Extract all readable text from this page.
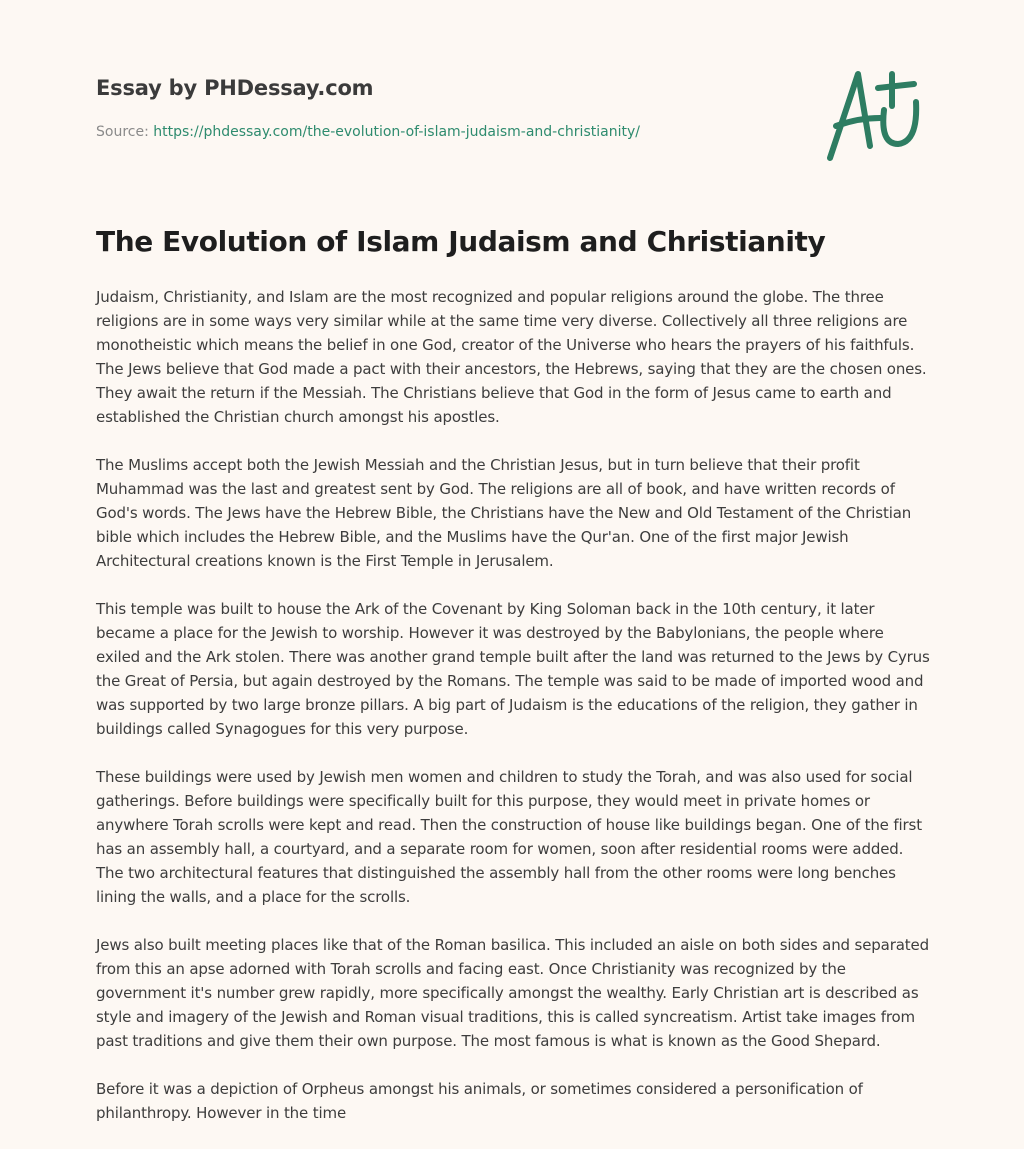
Essay by PHDessay.com
Source: https://phdessay.com/the-evolution-of-islam-judaism-and-christianity/
The Evolution of Islam Judaism and Christianity
Judaism, Christianity, and Islam are the most recognized and popular religions around the globe. The three
religions are in some ways very similar while at the same time very diverse. Collectively all three religions are
monotheistic which means the belief in one God, creator of the Universe who hears the prayers of his faithfuls.
The Jews believe that God made a pact with their ancestors, the Hebrews, saying that they are the chosen ones.
They await the return if the Messiah. The Christians believe that God in the form of Jesus came to earth and
established the Christian church amongst his apostles.
The Muslims accept both the Jewish Messiah and the Christian Jesus, but in turn believe that their profit
Muhammad was the last and greatest sent by God. The religions are all of book, and have written records of
God's words. The Jews have the Hebrew Bible, the Christians have the New and Old Testament of the Christian
bible which includes the Hebrew Bible, and the Muslims have the Qur'an. One of the first major Jewish
Architectural creations known is the First Temple in Jerusalem.
This temple was built to house the Ark of the Covenant by King Soloman back in the 10th century, it later
became a place for the Jewish to worship. However it was destroyed by the Babylonians, the people where
exiled and the Ark stolen. There was another grand temple built after the land was returned to the Jews by Cyrus
the Great of Persia, but again destroyed by the Romans. The temple was said to be made of imported wood and
was supported by two large bronze pillars. A big part of Judaism is the educations of the religion, they gather in
buildings called Synagogues for this very purpose.
These buildings were used by Jewish men women and children to study the Torah, and was also used for social
gatherings. Before buildings were specifically built for this purpose, they would meet in private homes or
anywhere Torah scrolls were kept and read. Then the construction of house like buildings began. One of the first
has an assembly hall, a courtyard, and a separate room for women, soon after residential rooms were added.
The two architectural features that distinguished the assembly hall from the other rooms were long benches
lining the walls, and a place for the scrolls.
Jews also built meeting places like that of the Roman basilica. This included an aisle on both sides and separated
from this an apse adorned with Torah scrolls and facing east. Once Christianity was recognized by the
government it's number grew rapidly, more specifically amongst the wealthy. Early Christian art is described as
style and imagery of the Jewish and Roman visual traditions, this is called syncreatism. Artist take images from
past traditions and give them their own purpose. The most famous is what is known as the Good Shepard.
Before it was a depiction of Orpheus amongst his animals, or sometimes considered a personification of
philanthropy. However in the time
